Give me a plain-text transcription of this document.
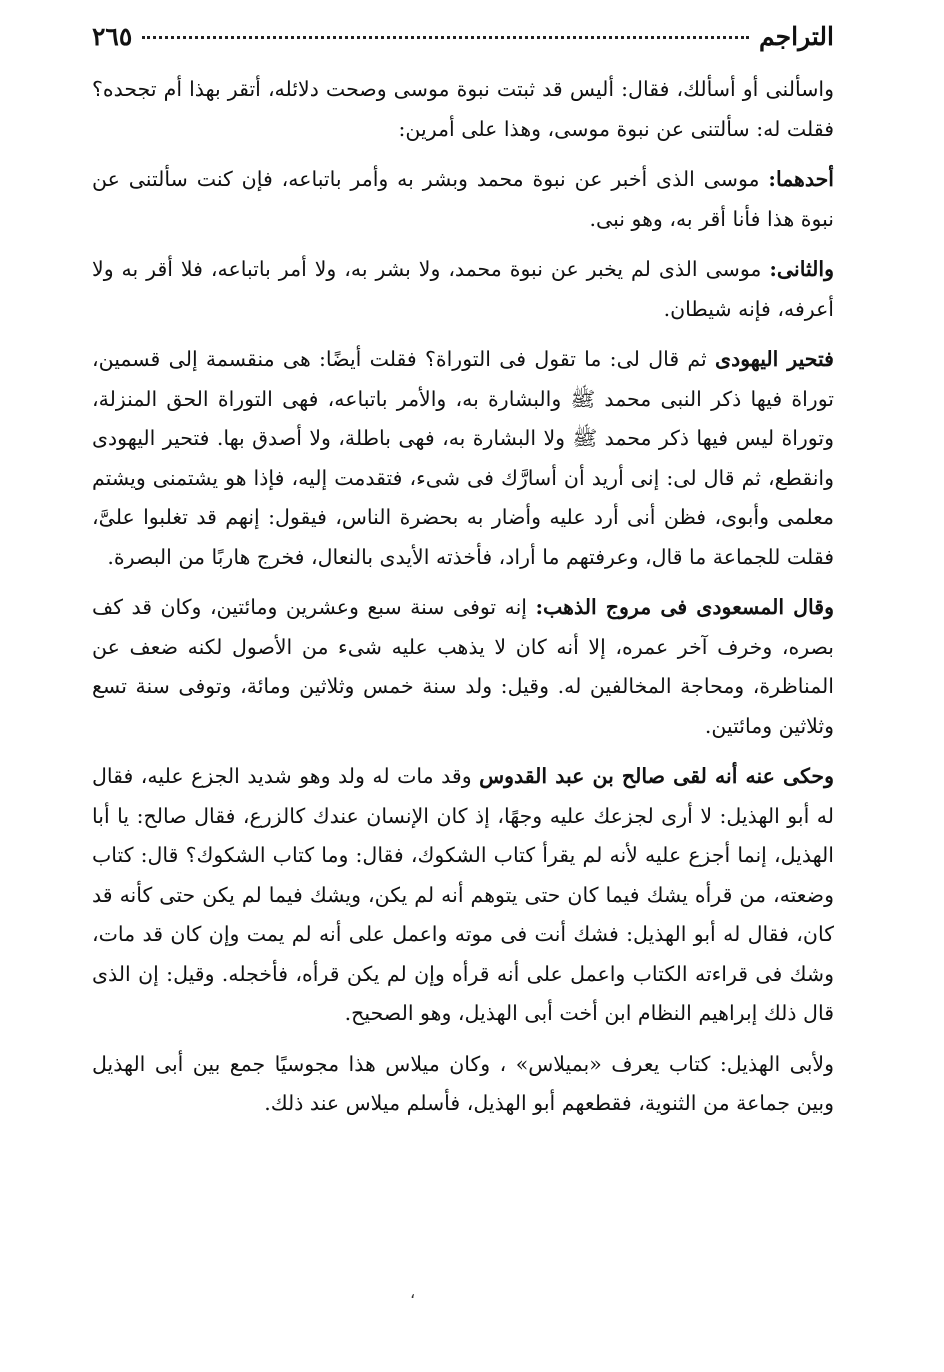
التراجم
٢٦٥

واسألنى أو أسألك، فقال: أليس قد ثبتت نبوة موسى وصحت دلائله، أتقر بهذا أم تجحده؟ فقلت له: سألتنى عن نبوة موسى، وهذا على أمرين:

أحدهما: موسى الذى أخبر عن نبوة محمد وبشر به وأمر باتباعه، فإن كنت سألتنى عن نبوة هذا فأنا أقر به، وهو نبى.

والثانى: موسى الذى لم يخبر عن نبوة محمد، ولا بشر به، ولا أمر باتباعه، فلا أقر به ولا أعرفه، فإنه شيطان.

فتحير اليهودى ثم قال لى: ما تقول فى التوراة؟ فقلت أيضًا: هى منقسمة إلى قسمين، توراة فيها ذكر النبى محمد ﷺ والبشارة به، والأمر باتباعه، فهى التوراة الحق المنزلة، وتوراة ليس فيها ذكر محمد ﷺ ولا البشارة به، فهى باطلة، ولا أصدق بها. فتحير اليهودى وانقطع، ثم قال لى: إنى أريد أن أسارَّك فى شىء، فتقدمت إليه، فإذا هو يشتمنى ويشتم معلمى وأبوى، فظن أنى أرد عليه وأضار به بحضرة الناس، فيقول: إنهم قد تغلبوا علىَّ، فقلت للجماعة ما قال، وعرفتهم ما أراد، فأخذته الأيدى بالنعال، فخرج هاربًا من البصرة.

وقال المسعودى فى مروج الذهب: إنه توفى سنة سبع وعشرين ومائتين، وكان قد كف بصره، وخرف آخر عمره، إلا أنه كان لا يذهب عليه شىء من الأصول لكنه ضعف عن المناظرة، ومحاجة المخالفين له. وقيل: ولد سنة خمس وثلاثين ومائة، وتوفى سنة تسع وثلاثين ومائتين.

وحكى عنه أنه لقى صالح بن عبد القدوس وقد مات له ولد وهو شديد الجزع عليه، فقال له أبو الهذيل: لا أرى لجزعك عليه وجهًا، إذ كان الإنسان عندك كالزرع، فقال صالح: يا أبا الهذيل، إنما أجزع عليه لأنه لم يقرأ كتاب الشكوك، فقال: وما كتاب الشكوك؟ قال: كتاب وضعته، من قرأه يشك فيما كان حتى يتوهم أنه لم يكن، ويشك فيما لم يكن حتى كأنه قد كان، فقال له أبو الهذيل: فشك أنت فى موته واعمل على أنه لم يمت وإن كان قد مات، وشك فى قراءته الكتاب واعمل على أنه قرأه وإن لم يكن قرأه، فأخجله. وقيل: إن الذى قال ذلك إبراهيم النظام ابن أخت أبى الهذيل، وهو الصحيح.

ولأبى الهذيل: كتاب يعرف «بميلاس» ، وكان ميلاس هذا مجوسيًا جمع بين أبى الهذيل وبين جماعة من الثنوية، فقطعهم أبو الهذيل، فأسلم ميلاس عند ذلك.

،
